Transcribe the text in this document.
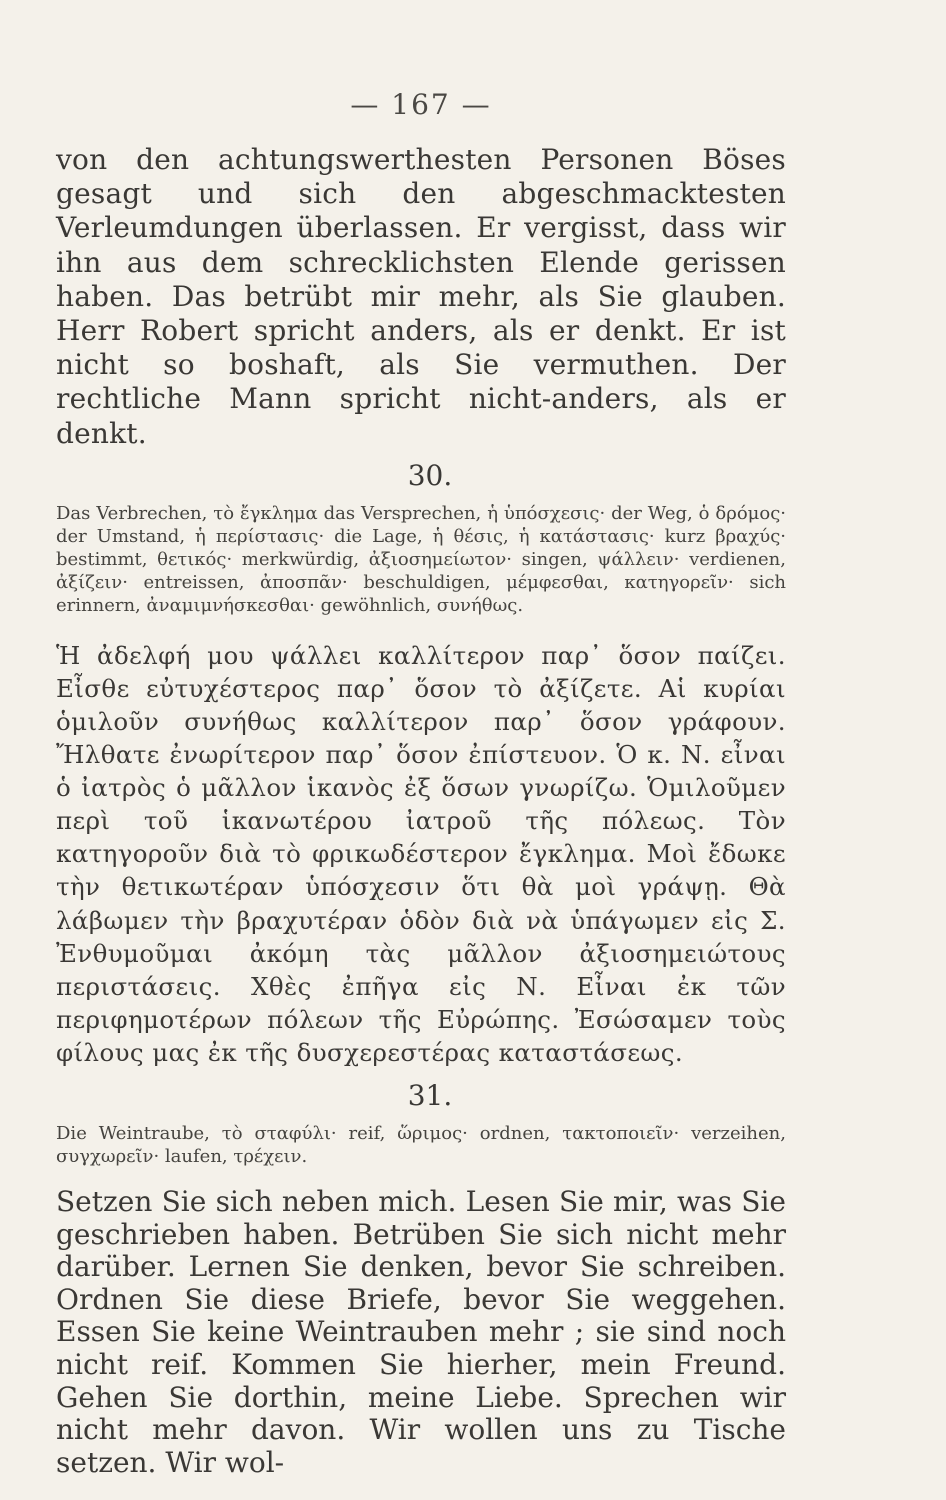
— 167 —

von den achtungswerthesten Personen Böses gesagt und sich den abgeschmacktesten Verleumdungen überlassen. Er vergisst, dass wir ihn aus dem schrecklichsten Elende gerissen haben. Das betrübt mir mehr, als Sie glauben. Herr Robert spricht anders, als er denkt. Er ist nicht so boshaft, als Sie vermuthen. Der rechtliche Mann spricht nicht-anders, als er denkt.

30.

Das Verbrechen, τὸ ἔγκλημα das Versprechen, ἡ ὑπόσχεσις· der Weg, ὁ δρόμος· der Umstand, ἡ περίστασις· die Lage, ἡ θέσις, ἡ κατάστασις· kurz βραχύς· bestimmt, θετικός· merkwürdig, ἀξιοσημείωτον· singen, ψάλλειν· verdienen, ἀξίζειν· entreissen, ἀποσπᾶν· beschuldigen, μέμφεσθαι, κατηγορεῖν· sich erinnern, ἀναμιμνήσκεσθαι· gewöhnlich, συνήθως.

Ἡ ἀδελφή μου ψάλλει καλλίτερον παρ᾽ ὅσον παίζει. Εἶσθε εὐτυχέστερος παρ᾽ ὅσον τὸ ἀξίζετε. Αἱ κυρίαι ὁμιλοῦν συνήθως καλλίτερον παρ᾽ ὅσον γράφουν. Ἤλθατε ἐνωρίτερον παρ᾽ ὅσον ἐπίστευον. Ὁ κ. Ν. εἶναι ὁ ἰατρὸς ὁ μᾶλλον ἱκανὸς ἐξ ὅσων γνωρίζω. Ὁμιλοῦμεν περὶ τοῦ ἱκανωτέρου ἰατροῦ τῆς πόλεως. Τὸν κατηγοροῦν διὰ τὸ φρικωδέστερον ἔγκλημα. Μοὶ ἔδωκε τὴν θετικωτέραν ὑπόσχεσιν ὅτι θὰ μοὶ γράψῃ. Θὰ λάβωμεν τὴν βραχυτέραν ὁδὸν διὰ νὰ ὑπάγωμεν εἰς Σ. Ἐνθυμοῦμαι ἀκόμη τὰς μᾶλλον ἀξιοσημειώτους περιστάσεις. Χθὲς ἐπῆγα εἰς Ν. Εἶναι ἐκ τῶν περιφημοτέρων πόλεων τῆς Εὐρώπης. Ἐσώσαμεν τοὺς φίλους μας ἐκ τῆς δυσχερεστέρας καταστάσεως.

31.

Die Weintraube, τὸ σταφύλι· reif, ὥριμος· ordnen, τακτοποιεῖν· verzeihen, συγχωρεῖν· laufen, τρέχειν.

Setzen Sie sich neben mich. Lesen Sie mir, was Sie geschrieben haben. Betrüben Sie sich nicht mehr darüber. Lernen Sie denken, bevor Sie schreiben. Ordnen Sie diese Briefe, bevor Sie weggehen. Essen Sie keine Weintrauben mehr ; sie sind noch nicht reif. Kommen Sie hierher, mein Freund. Gehen Sie dorthin, meine Liebe. Sprechen wir nicht mehr davon. Wir wollen uns zu Tische setzen. Wir wol-
